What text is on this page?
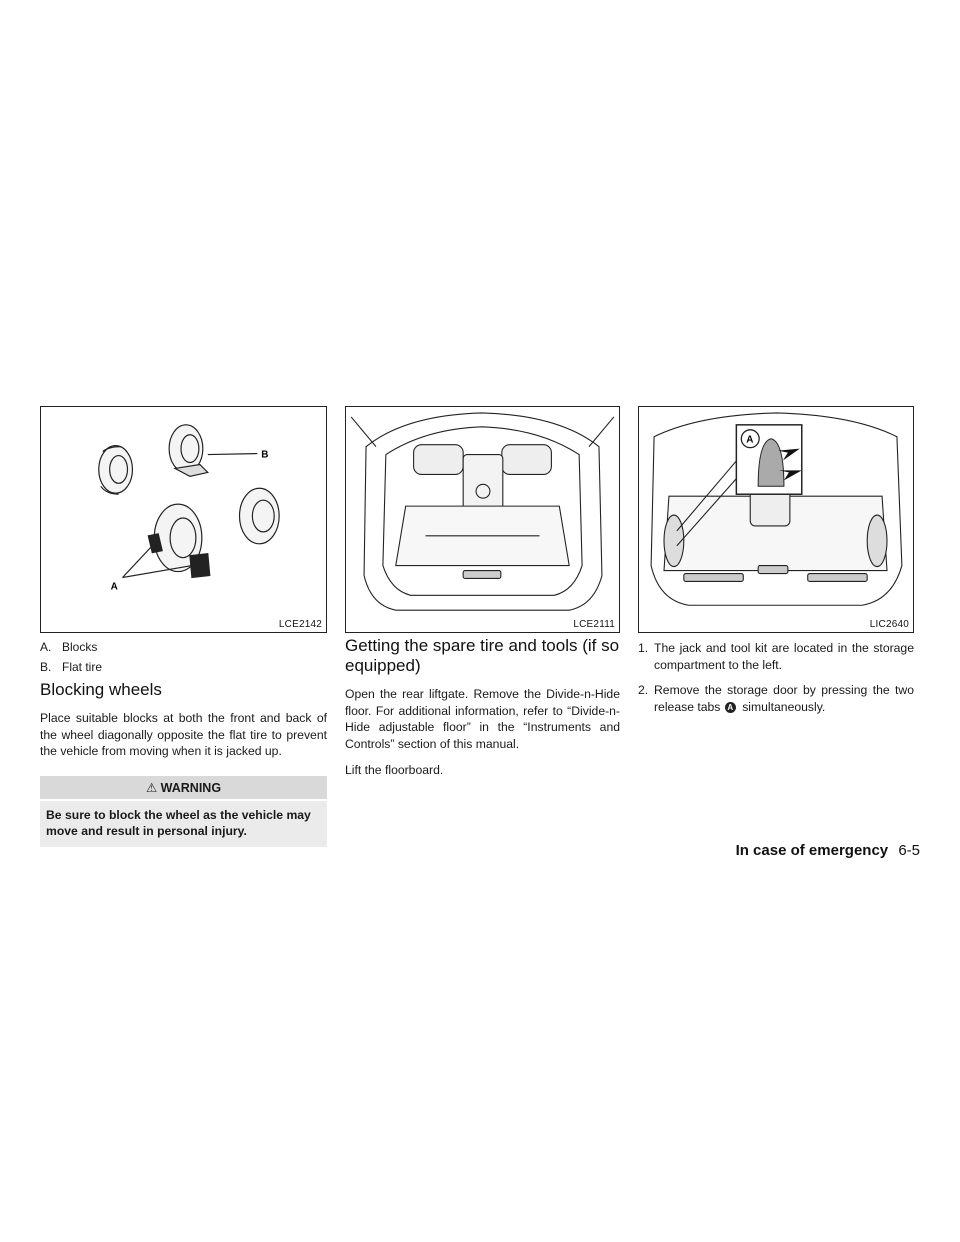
B
A
LCE2142	LCE2111
A
LIC2640
A. Blocks
B. Flat tire
Blocking wheels

Place suitable blocks at both the front and back of the wheel diagonally opposite the flat tire to prevent the vehicle from moving when it is jacked up.

⚠ WARNING
Be sure to block the wheel as the vehicle may move and result in personal injury.
Getting the spare tire and tools (if so equipped)

Open the rear liftgate. Remove the Divide-n-Hide floor. For additional information, refer to “Divide-n-Hide adjustable floor” in the “Instruments and Controls” section of this manual.

Lift the floorboard.

1. The jack and tool kit are located in the storage compartment to the left.
2. Remove the storage door by pressing the two release tabs A simultaneously.
In case of emergency 6-5
